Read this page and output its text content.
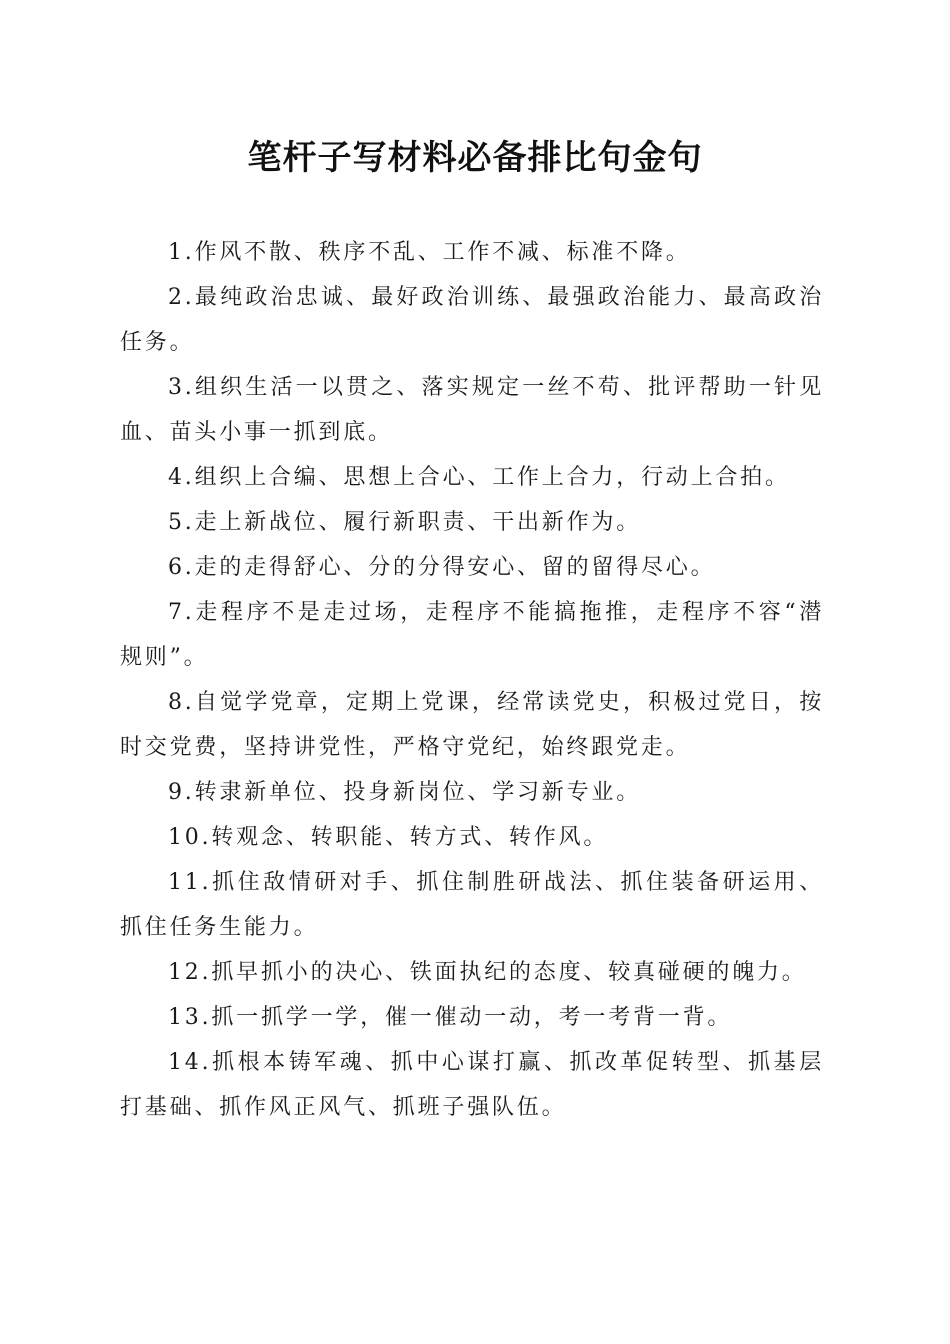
笔杆子写材料必备排比句金句

1.作风不散、秩序不乱、工作不减、标准不降。

2.最纯政治忠诚、最好政治训练、最强政治能力、最高政治任务。

3.组织生活一以贯之、落实规定一丝不苟、批评帮助一针见血、苗头小事一抓到底。

4.组织上合编、思想上合心、工作上合力，行动上合拍。

5.走上新战位、履行新职责、干出新作为。

6.走的走得舒心、分的分得安心、留的留得尽心。

7.走程序不是走过场，走程序不能搞拖推，走程序不容“潜规则”。

8.自觉学党章，定期上党课，经常读党史，积极过党日，按时交党费，坚持讲党性，严格守党纪，始终跟党走。

9.转隶新单位、投身新岗位、学习新专业。

10.转观念、转职能、转方式、转作风。

11.抓住敌情研对手、抓住制胜研战法、抓住装备研运用、抓住任务生能力。

12.抓早抓小的决心、铁面执纪的态度、较真碰硬的魄力。

13.抓一抓学一学，催一催动一动，考一考背一背。

14.抓根本铸军魂、抓中心谋打赢、抓改革促转型、抓基层打基础、抓作风正风气、抓班子强队伍。
